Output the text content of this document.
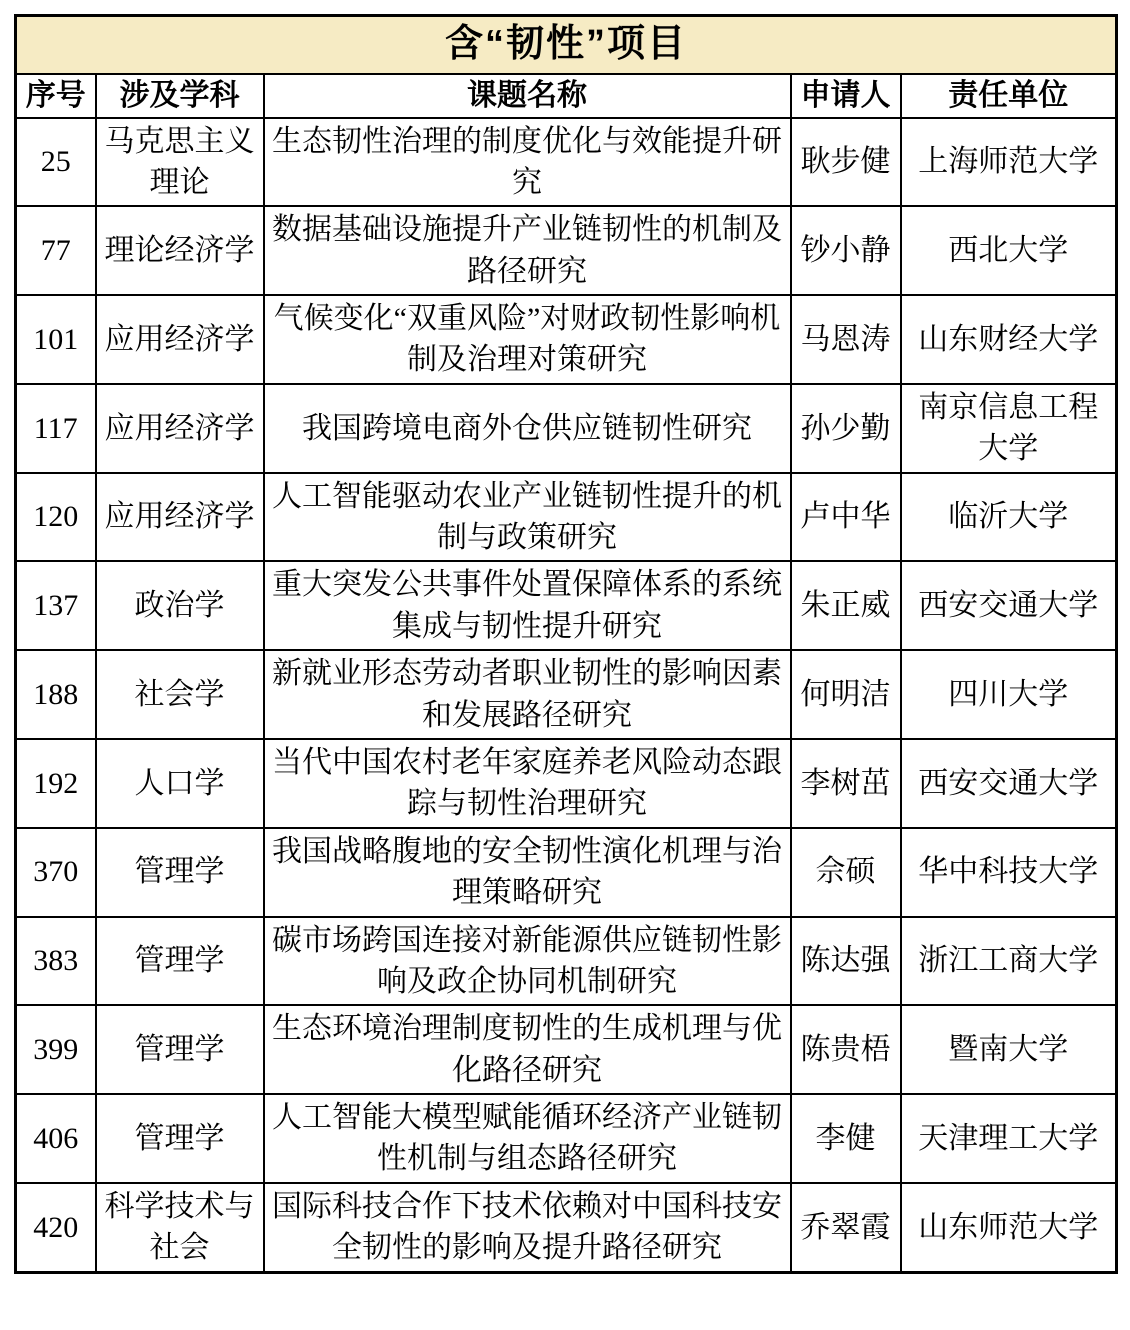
含“韧性”项目				
序号	涉及学科	课题名称	申请人	责任单位
25	马克思主义理论	生态韧性治理的制度优化与效能提升研究	耿步健	上海师范大学
77	理论经济学	数据基础设施提升产业链韧性的机制及路径研究	钞小静	西北大学
101	应用经济学	气候变化“双重风险”对财政韧性影响机制及治理对策研究	马恩涛	山东财经大学
117	应用经济学	我国跨境电商外仓供应链韧性研究	孙少勤	南京信息工程大学
120	应用经济学	人工智能驱动农业产业链韧性提升的机制与政策研究	卢中华	临沂大学
137	政治学	重大突发公共事件处置保障体系的系统集成与韧性提升研究	朱正威	西安交通大学
188	社会学	新就业形态劳动者职业韧性的影响因素和发展路径研究	何明洁	四川大学
192	人口学	当代中国农村老年家庭养老风险动态跟踪与韧性治理研究	李树茁	西安交通大学
370	管理学	我国战略腹地的安全韧性演化机理与治理策略研究	佘硕	华中科技大学
383	管理学	碳市场跨国连接对新能源供应链韧性影响及政企协同机制研究	陈达强	浙江工商大学
399	管理学	生态环境治理制度韧性的生成机理与优化路径研究	陈贵梧	暨南大学
406	管理学	人工智能大模型赋能循环经济产业链韧性机制与组态路径研究	李健	天津理工大学
420	科学技术与社会	国际科技合作下技术依赖对中国科技安全韧性的影响及提升路径研究	乔翠霞	山东师范大学
